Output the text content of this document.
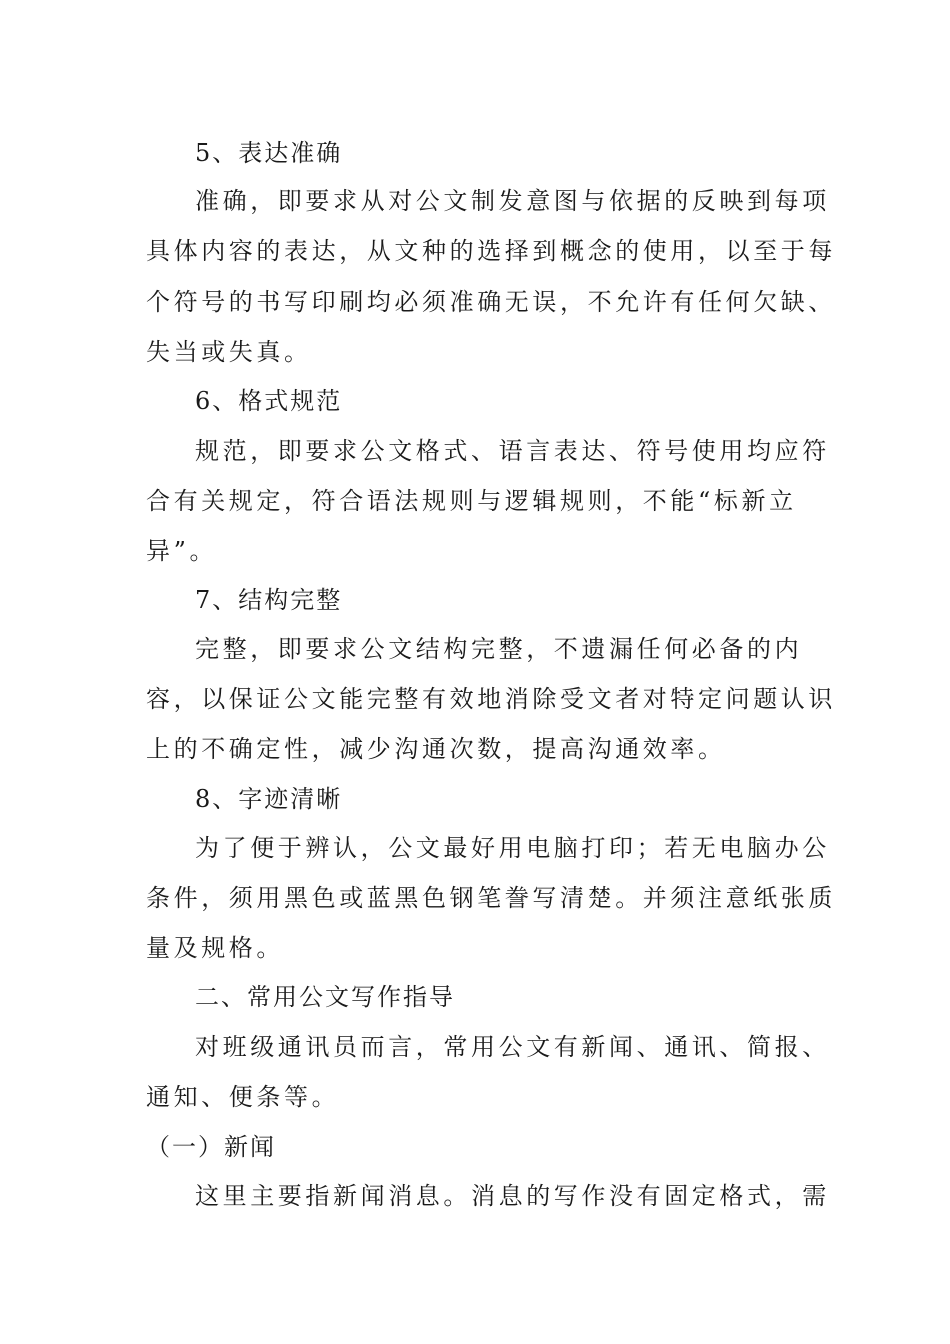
5、表达准确
准确，即要求从对公文制发意图与依据的反映到每项
具体内容的表达，从文种的选择到概念的使用，以至于每
个符号的书写印刷均必须准确无误，不允许有任何欠缺、
失当或失真。
6、格式规范
规范，即要求公文格式、语言表达、符号使用均应符
合有关规定，符合语法规则与逻辑规则，不能“标新立
异”。
7、结构完整
完整，即要求公文结构完整，不遗漏任何必备的内
容，以保证公文能完整有效地消除受文者对特定问题认识
上的不确定性，减少沟通次数，提高沟通效率。
8、字迹清晰
为了便于辨认，公文最好用电脑打印；若无电脑办公
条件，须用黑色或蓝黑色钢笔誊写清楚。并须注意纸张质
量及规格。
二、常用公文写作指导
对班级通讯员而言，常用公文有新闻、通讯、简报、
通知、便条等。
（一）新闻
这里主要指新闻消息。消息的写作没有固定格式，需
